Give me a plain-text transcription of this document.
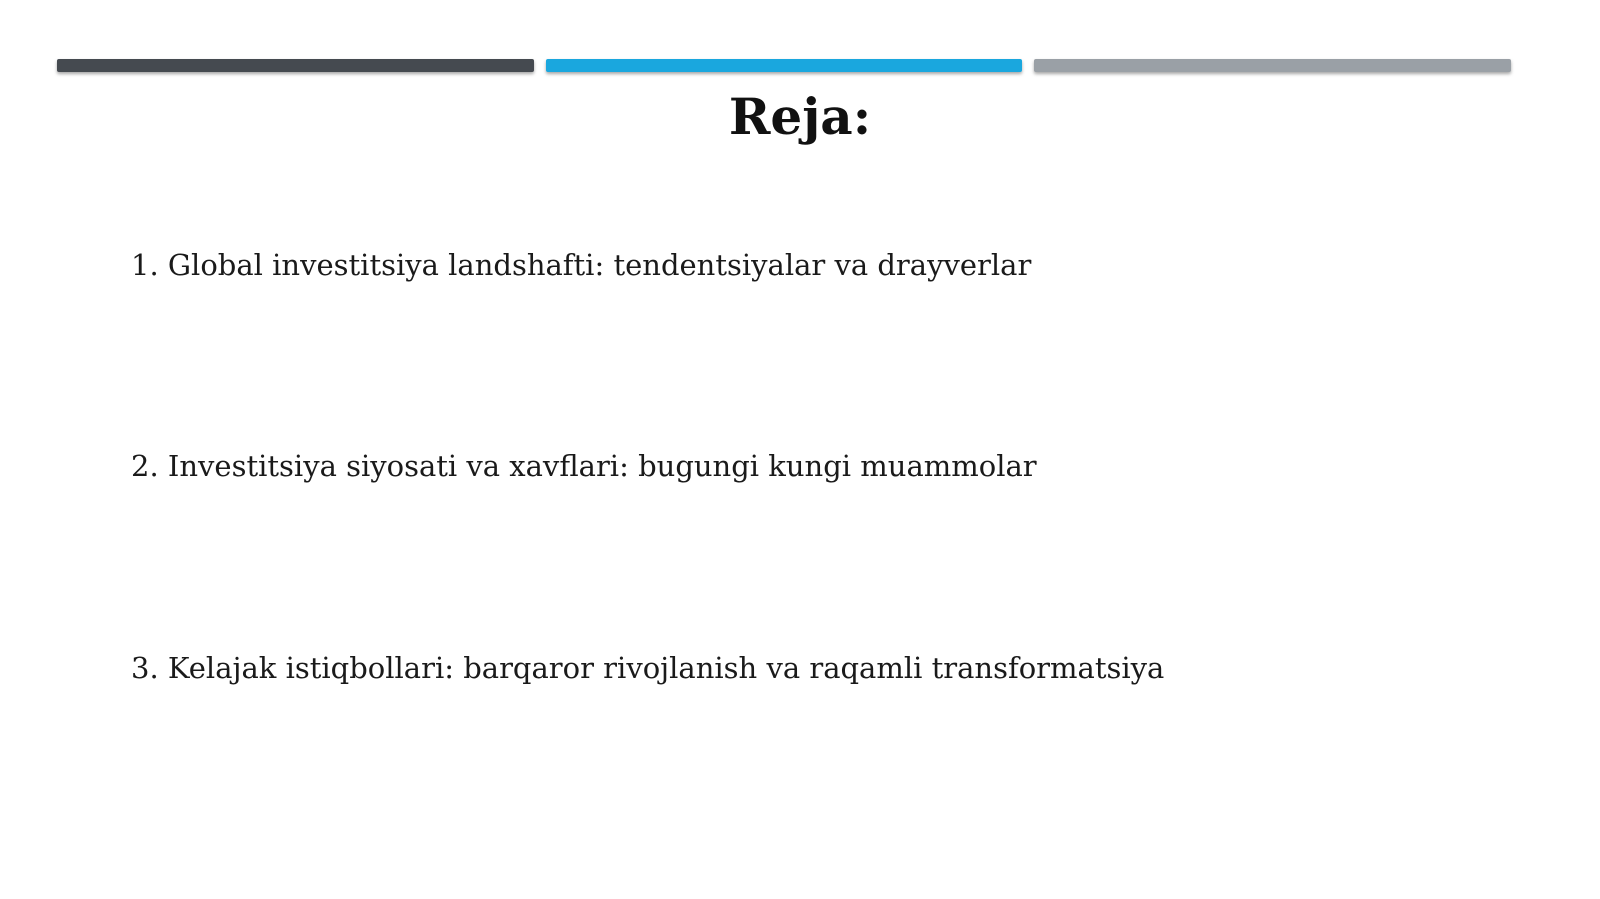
Reja:
1. Global investitsiya landshafti: tendentsiyalar va drayverlar
2. Investitsiya siyosati va xavflari: bugungi kungi muammolar
3. Kelajak istiqbollari: barqaror rivojlanish va raqamli transformatsiya
